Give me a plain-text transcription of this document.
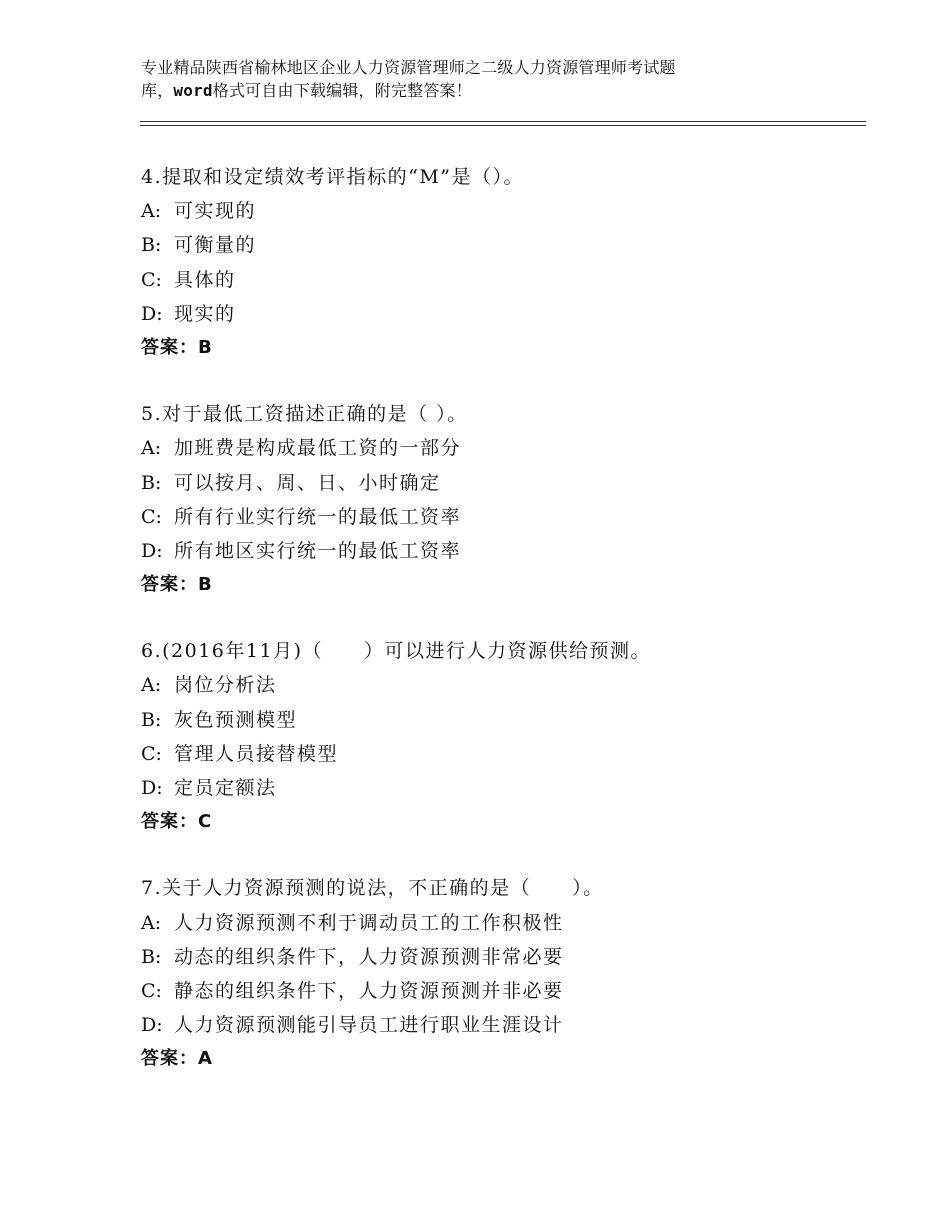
专业精品陕西省榆林地区企业人力资源管理师之二级人力资源管理师考试题
库，word格式可自由下载编辑，附完整答案！
4.提取和设定绩效考评指标的“M”是（）。
A: 可实现的
B: 可衡量的
C: 具体的
D: 现实的
答案：B
5.对于最低工资描述正确的是（ ）。
A: 加班费是构成最低工资的一部分
B: 可以按月、周、日、小时确定
C: 所有行业实行统一的最低工资率
D: 所有地区实行统一的最低工资率
答案：B
6.(2016年11月)（　　）可以进行人力资源供给预测。
A: 岗位分析法
B: 灰色预测模型
C: 管理人员接替模型
D: 定员定额法
答案：C
7.关于人力资源预测的说法，不正确的是（　　）。
A: 人力资源预测不利于调动员工的工作积极性
B: 动态的组织条件下，人力资源预测非常必要
C: 静态的组织条件下，人力资源预测并非必要
D: 人力资源预测能引导员工进行职业生涯设计
答案：A
